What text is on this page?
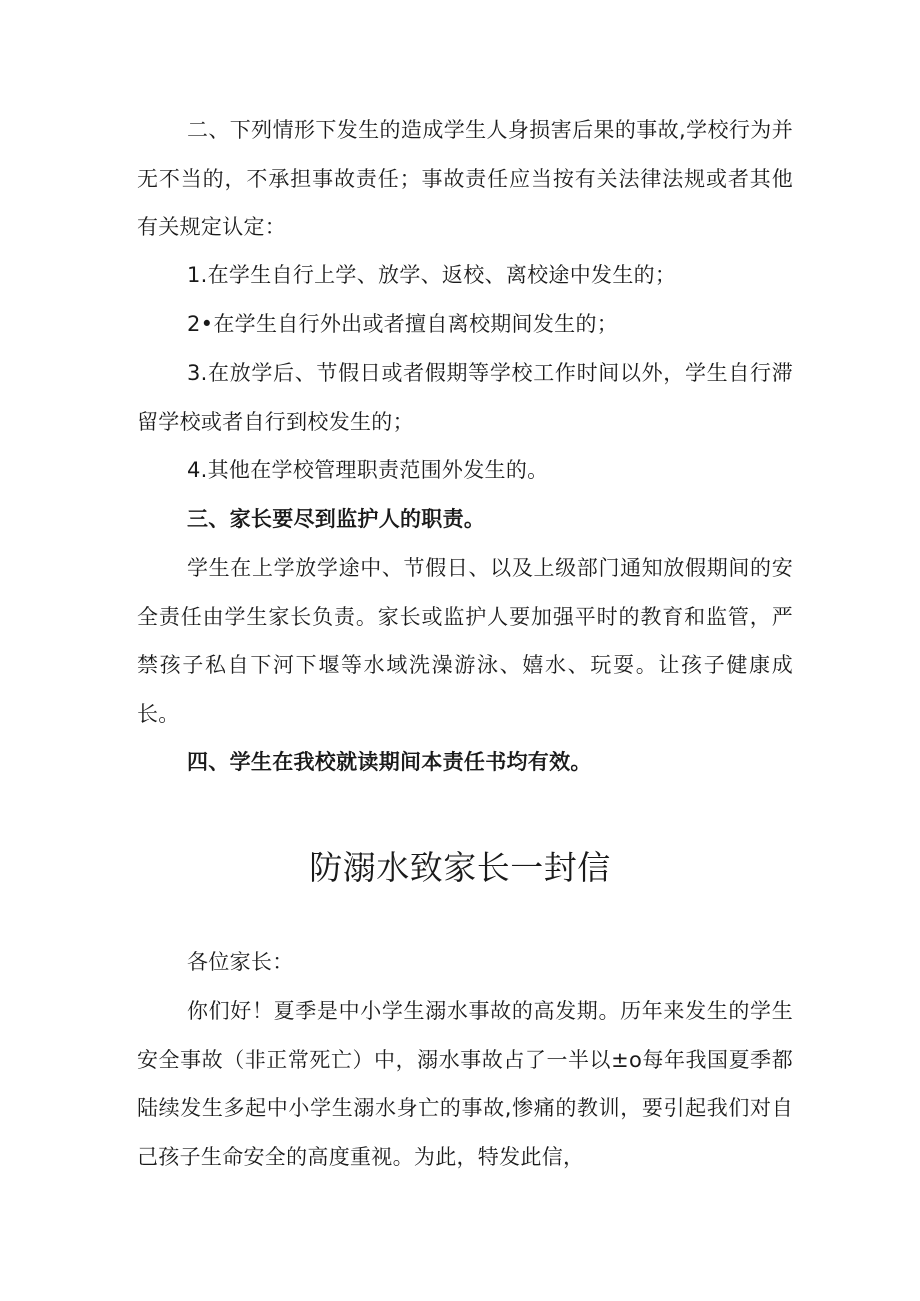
二、下列情形下发生的造成学生人身损害后果的事故,学校行为并无不当的，不承担事故责任；事故责任应当按有关法律法规或者其他有关规定认定：

1.在学生自行上学、放学、返校、离校途中发生的；

2•在学生自行外出或者擅自离校期间发生的；

3.在放学后、节假日或者假期等学校工作时间以外，学生自行滞留学校或者自行到校发生的；

4.其他在学校管理职责范围外发生的。

三、家长要尽到监护人的职责。

学生在上学放学途中、节假日、以及上级部门通知放假期间的安全责任由学生家长负责。家长或监护人要加强平时的教育和监管，严禁孩子私自下河下堰等水域洗澡游泳、嬉水、玩耍。让孩子健康成长。

四、学生在我校就读期间本责任书均有效。

防溺水致家长一封信

各位家长：

你们好！夏季是中小学生溺水事故的高发期。历年来发生的学生安全事故（非正常死亡）中，溺水事故占了一半以±o每年我国夏季都陆续发生多起中小学生溺水身亡的事故,惨痛的教训，要引起我们对自己孩子生命安全的高度重视。为此，特发此信，
